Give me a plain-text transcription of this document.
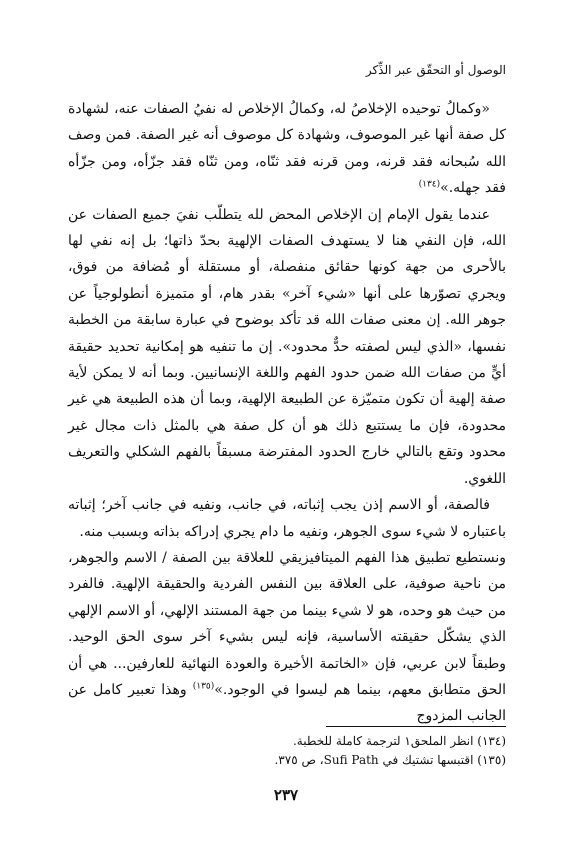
الوصول أو التحقّق عبر الذِّكر

«وكمالُ توحيده الإخلاصُ له، وكمالُ الإخلاص له نفيُ الصفات عنه، لشهادة كل صفة أنها غير الموصوف، وشهادة كل موصوف أنه غير الصفة. فمن وصف الله سُبحانه فقد قرنه، ومن قرنه فقد ثنّاه، ومن ثنّاه فقد جزّأه، ومن جزّأه فقد جهله.»$^{(١٣٤)}$

عندما يقول الإمام إن الإخلاص المحض لله يتطلّب نفيَ جميع الصفات عن الله، فإن النفي هنا لا يستهدف الصفات الإلهية بحدّ ذاتها؛ بل إنه نفي لها بالأحرى من جهة كونها حقائق منفصلة، أو مستقلة أو مُضافة من فوق، ويجري تصوّرها على أنها «شيء آخر» بقدر هام، أو متميزة أنطولوجياً عن جوهر الله. إن معنى صفات الله قد تأكد بوضوح في عبارة سابقة من الخطبة نفسها، «الذي ليس لصفته حدٌّ محدود». إن ما تنفيه هو إمكانية تحديد حقيقة أيٍّ من صفات الله ضمن حدود الفهم واللغة الإنسانيين. وبما أنه لا يمكن لأية صفة إلهية أن تكون متميّزة عن الطبيعة الإلهية، وبما أن هذه الطبيعة هي غير محدودة، فإن ما يستتبع ذلك هو أن كل صفة هي بالمثل ذات مجال غير محدود وتقع بالتالي خارج الحدود المفترضة مسبقاً بالفهم الشكلي والتعريف اللغوي.

فالصفة، أو الاسم إذن يجب إثباته، في جانب، ونفيه في جانب آخر؛ إثباته باعتباره لا شيء سوى الجوهر، ونفيه ما دام يجري إدراكه بذاته وبسبب منه.

ونستطيع تطبيق هذا الفهم الميتافيزيقي للعلاقة بين الصفة / الاسم والجوهر، من ناحية صوفية، على العلاقة بين النفس الفردية والحقيقة الإلهية. فالفرد من حيث هو وحده، هو لا شيء بينما من جهة المستند الإلهي، أو الاسم الإلهي الذي يشكّل حقيقته الأساسية، فإنه ليس بشيء آخر سوى الحق الوحيد. وطبقاً لابن عربي، فإن «الخاتمة الأخيرة والعودة النهائية للعارفين... هي أن الحق متطابق معهم، بينما هم ليسوا في الوجود.»$^{(١٣٥)}$ وهذا تعبير كامل عن الجانب المزدوج

(١٣٤) انظر الملحق١ لترجمة كاملة للخطبة.

(١٣٥) اقتبسها تشتيك في Sufi Path، ص ٣٧٥.

٢٣٧
